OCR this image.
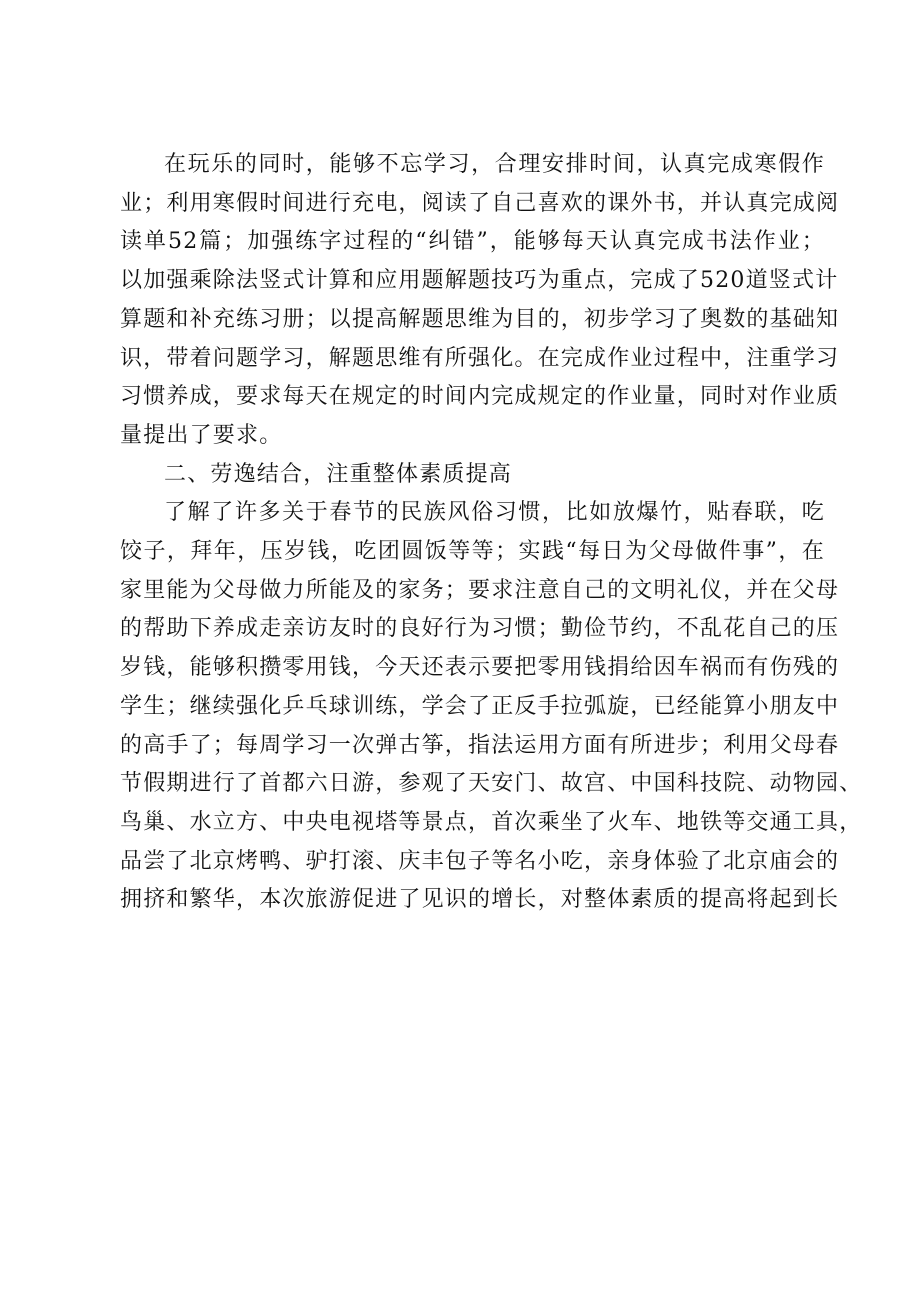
在玩乐的同时，能够不忘学习，合理安排时间，认真完成寒假作
业；利用寒假时间进行充电，阅读了自己喜欢的课外书，并认真完成阅
读单52篇；加强练字过程的“纠错”，能够每天认真完成书法作业；
以加强乘除法竖式计算和应用题解题技巧为重点，完成了520道竖式计
算题和补充练习册；以提高解题思维为目的，初步学习了奥数的基础知
识，带着问题学习，解题思维有所强化。在完成作业过程中，注重学习
习惯养成，要求每天在规定的时间内完成规定的作业量，同时对作业质
量提出了要求。
二、劳逸结合，注重整体素质提高
了解了许多关于春节的民族风俗习惯，比如放爆竹，贴春联，吃
饺子，拜年，压岁钱，吃团圆饭等等；实践“每日为父母做件事”，在
家里能为父母做力所能及的家务；要求注意自己的文明礼仪，并在父母
的帮助下养成走亲访友时的良好行为习惯；勤俭节约，不乱花自己的压
岁钱，能够积攒零用钱，今天还表示要把零用钱捐给因车祸而有伤残的
学生；继续强化乒乓球训练，学会了正反手拉弧旋，已经能算小朋友中
的高手了；每周学习一次弹古筝，指法运用方面有所进步；利用父母春
节假期进行了首都六日游，参观了天安门、故宫、中国科技院、动物园、
鸟巢、水立方、中央电视塔等景点，首次乘坐了火车、地铁等交通工具，
品尝了北京烤鸭、驴打滚、庆丰包子等名小吃，亲身体验了北京庙会的
拥挤和繁华，本次旅游促进了见识的增长，对整体素质的提高将起到长
